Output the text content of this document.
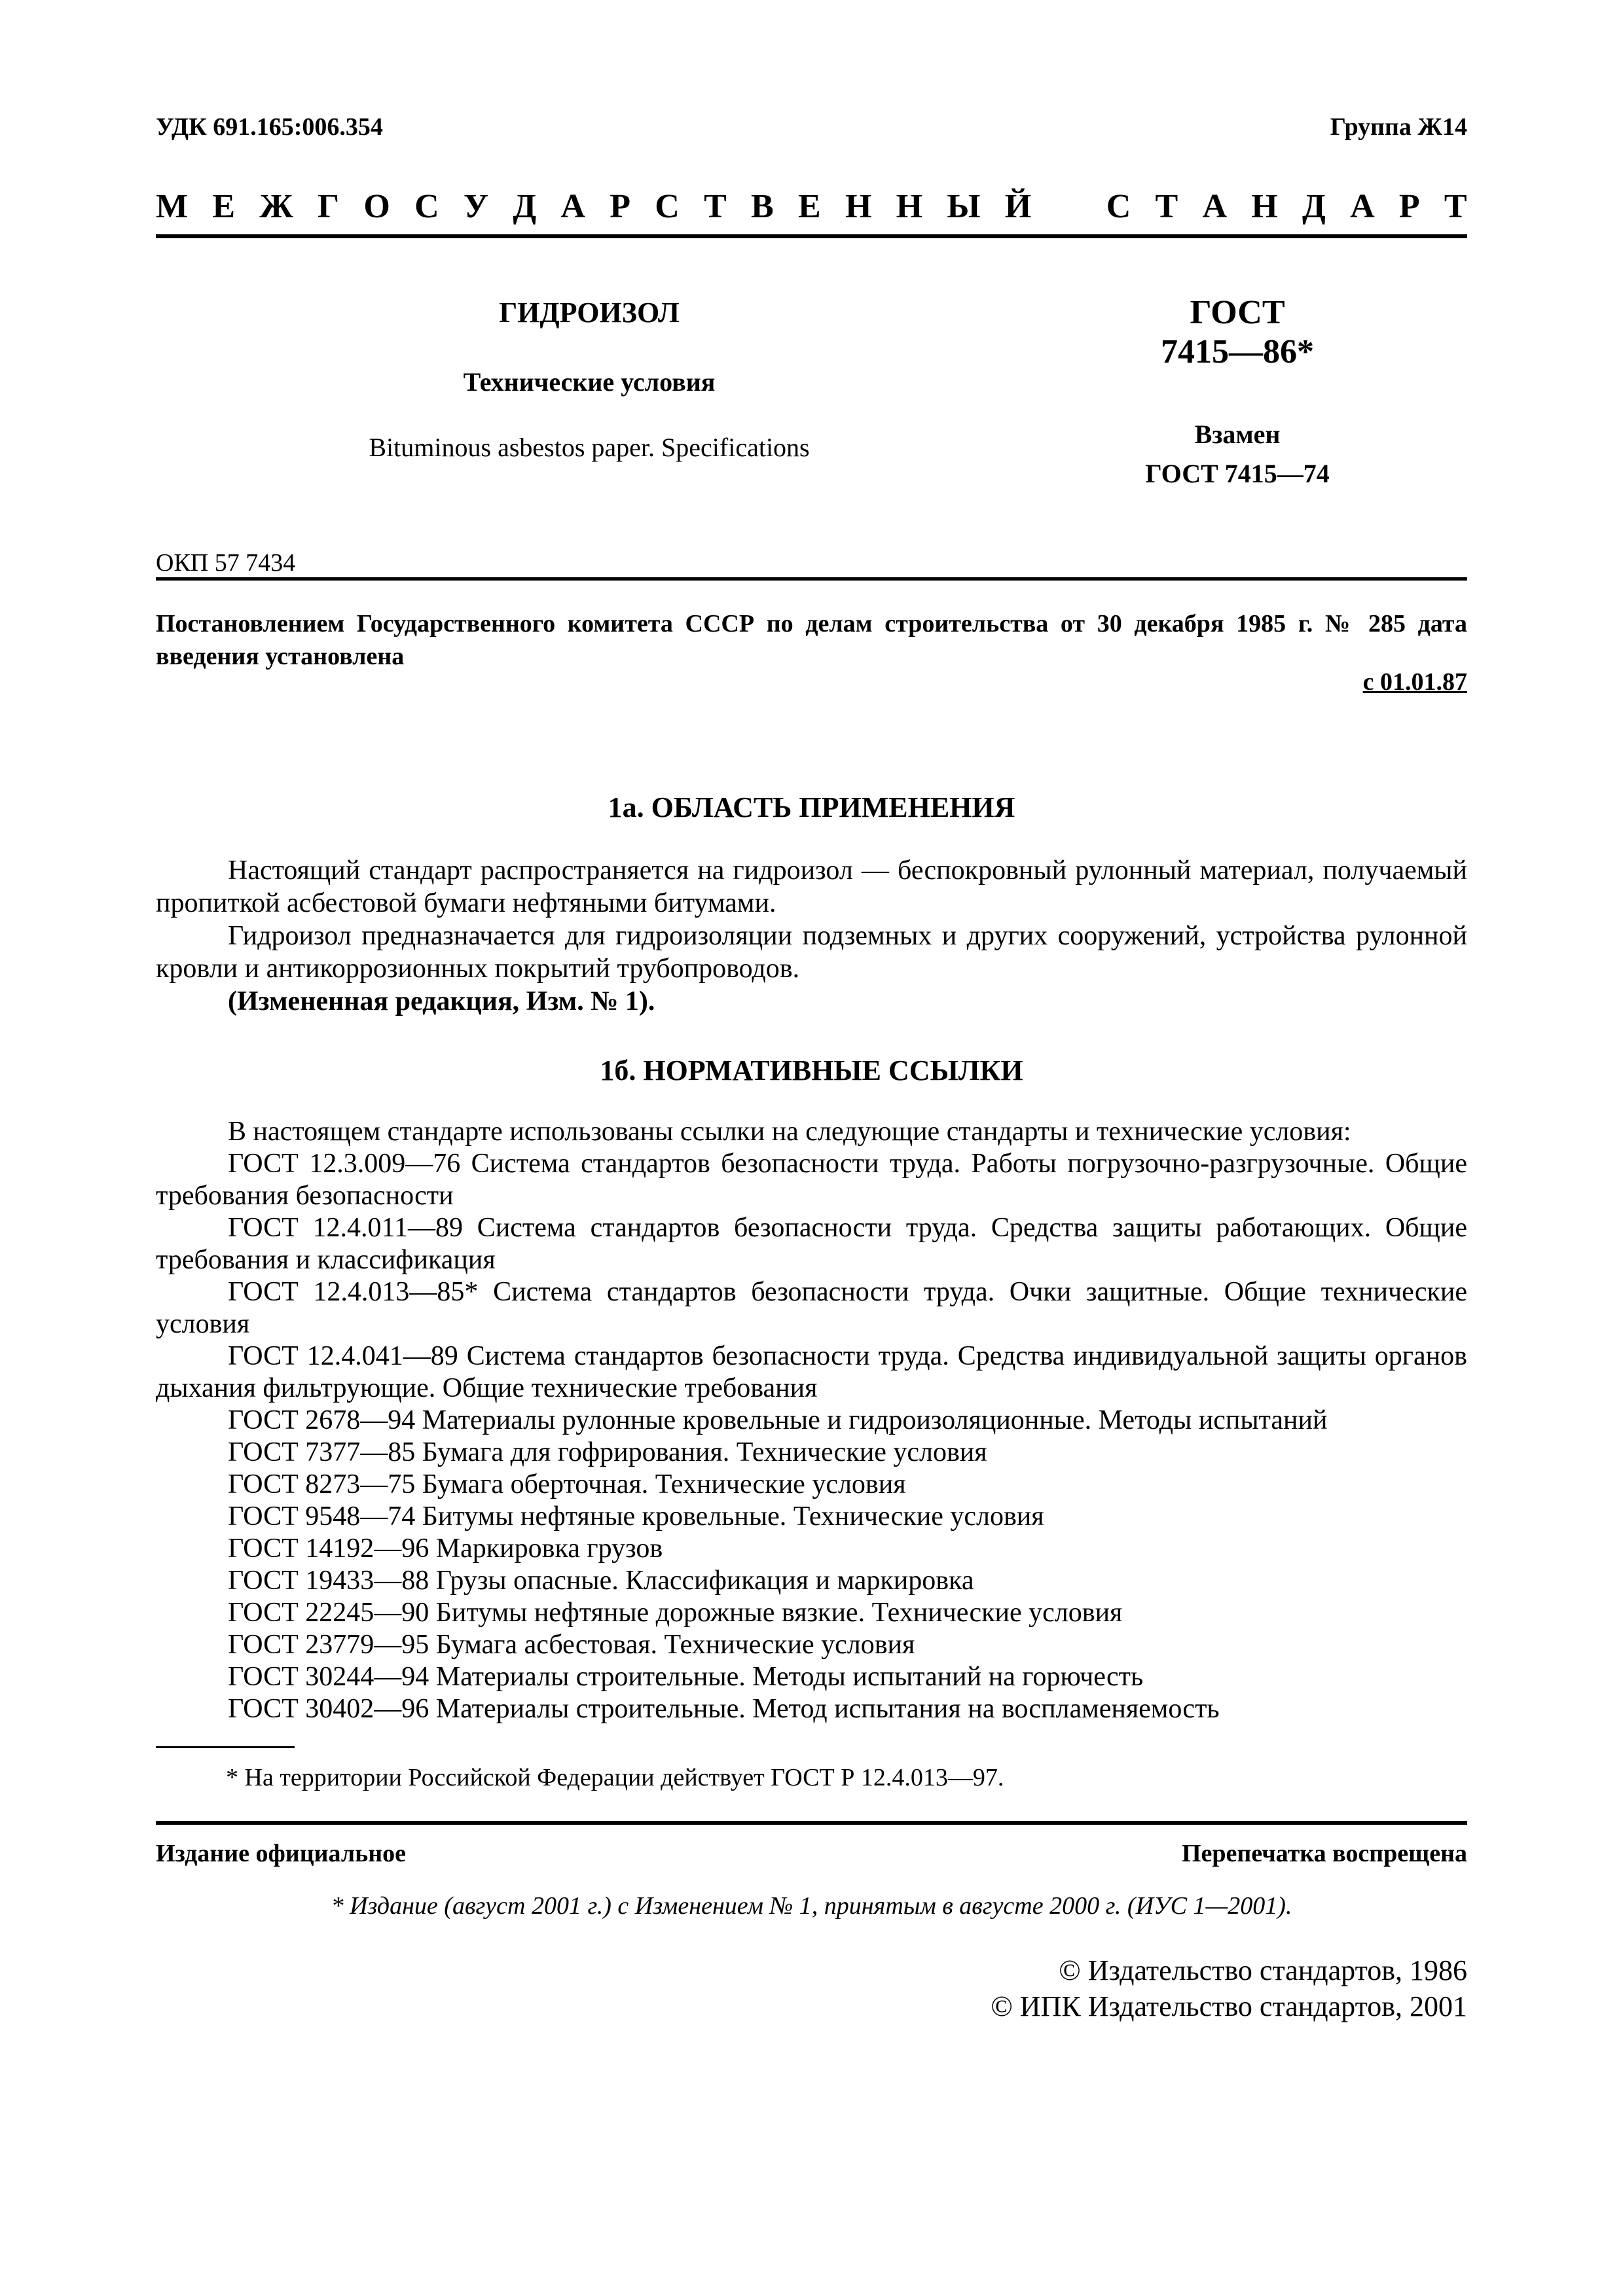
УДК 691.165:006.354	Группа Ж14
М Е Ж Г О С У Д А Р С Т В Е Н Н Ы Й С Т А Н Д А Р Т
ГИДРОИЗОЛ
Технические условия
Bituminous asbestos paper. Specifications
ГОСТ
7415—86*
Взамен
ГОСТ 7415—74
ОКП 57 7434
Постановлением Государственного комитета СССР по делам строительства от 30 декабря 1985 г. № 285 дата введения установлена
с 01.01.87
1а. ОБЛАСТЬ ПРИМЕНЕНИЯ
Настоящий стандарт распространяется на гидроизол — беспокровный рулонный материал, получаемый пропиткой асбестовой бумаги нефтяными битумами.
Гидроизол предназначается для гидроизоляции подземных и других сооружений, устройства рулонной кровли и антикоррозионных покрытий трубопроводов.
(Измененная редакция, Изм. № 1).
1б. НОРМАТИВНЫЕ ССЫЛКИ
В настоящем стандарте использованы ссылки на следующие стандарты и технические условия:
ГОСТ 12.3.009—76 Система стандартов безопасности труда. Работы погрузочно-разгрузочные. Общие требования безопасности
ГОСТ 12.4.011—89 Система стандартов безопасности труда. Средства защиты работающих. Общие требования и классификация
ГОСТ 12.4.013—85* Система стандартов безопасности труда. Очки защитные. Общие технические условия
ГОСТ 12.4.041—89 Система стандартов безопасности труда. Средства индивидуальной защиты органов дыхания фильтрующие. Общие технические требования
ГОСТ 2678—94 Материалы рулонные кровельные и гидроизоляционные. Методы испытаний
ГОСТ 7377—85 Бумага для гофрирования. Технические условия
ГОСТ 8273—75 Бумага оберточная. Технические условия
ГОСТ 9548—74 Битумы нефтяные кровельные. Технические условия
ГОСТ 14192—96 Маркировка грузов
ГОСТ 19433—88 Грузы опасные. Классификация и маркировка
ГОСТ 22245—90 Битумы нефтяные дорожные вязкие. Технические условия
ГОСТ 23779—95 Бумага асбестовая. Технические условия
ГОСТ 30244—94 Материалы строительные. Методы испытаний на горючесть
ГОСТ 30402—96 Материалы строительные. Метод испытания на воспламеняемость
* На территории Российской Федерации действует ГОСТ Р 12.4.013—97.
Издание официальное	Перепечатка воспрещена
* Издание (август 2001 г.) с Изменением № 1, принятым в августе 2000 г. (ИУС 1—2001).
© Издательство стандартов, 1986
© ИПК Издательство стандартов, 2001
